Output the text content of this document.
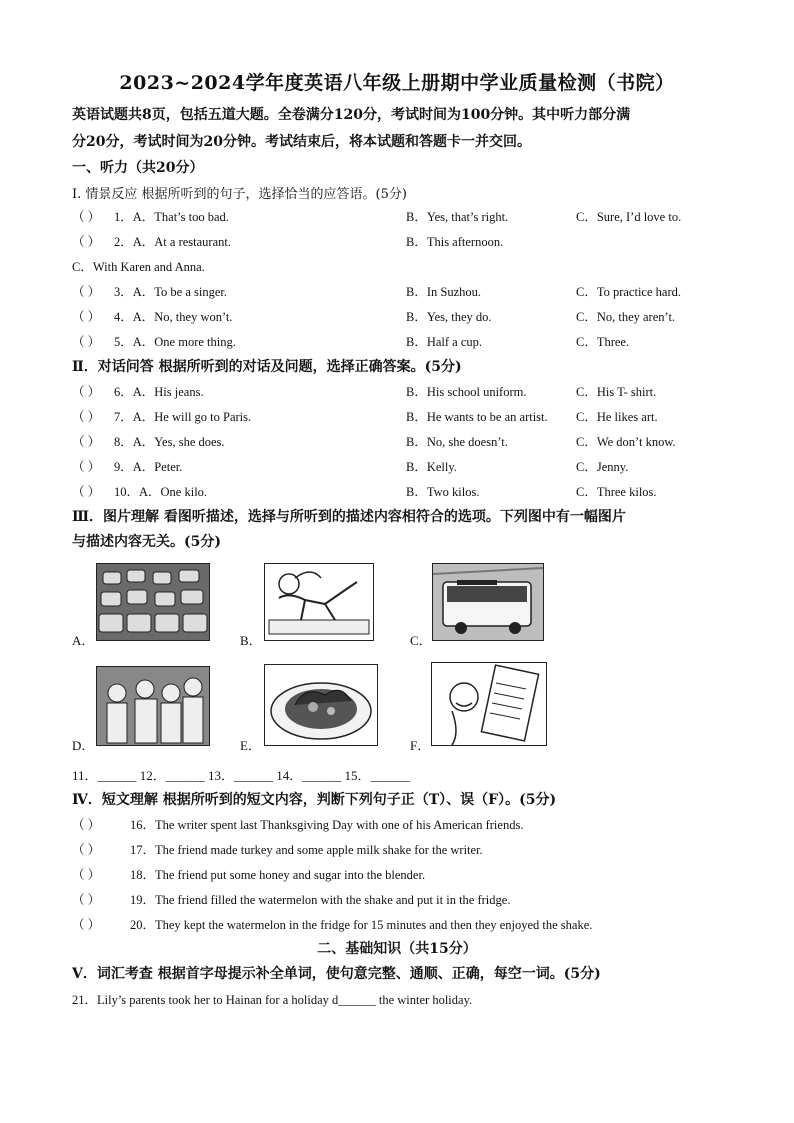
2023~2024学年度英语八年级上册期中学业质量检测（书院）
英语试题共8页，包括五道大题。全卷满分120分，考试时间为100分钟。其中听力部分满
分20分，考试时间为20分钟。考试结束后，将本试题和答题卡一并交回。
一、听力（共20分）
Ⅰ. 情景反应 根据所听到的句子，选择恰当的应答语。(5分)
（ ） 1．A．That’s too bad.	B．Yes, that’s right.	C．Sure, I’d love to.
（ ） 2．A．At a restaurant.	B．This afternoon.
C．With Karen and Anna.
（ ） 3．A．To be a singer.	B．In Suzhou.	C．To practice hard.
（ ） 4．A．No, they won’t.	B．Yes, they do.	C．No, they aren’t.
（ ） 5．A．One more thing.	B．Half a cup.	C．Three.
Ⅱ．对话问答 根据所听到的对话及问题，选择正确答案。(5分)
（ ） 6．A．His jeans.	B．His school uniform.	C．His T- shirt.
（ ） 7．A．He will go to Paris.	B．He wants to be an artist. C．He likes art.
（ ） 8．A．Yes, she does.	B．No, she doesn’t.	C．We don’t know.
（ ） 9．A．Peter.	B．Kelly.	C．Jenny.
（ ） 10．A．One kilo.	B．Two kilos.	C．Three kilos.
Ⅲ．图片理解 看图听描述，选择与所听到的描述内容相符合的选项。下列图中有一幅图片
与描述内容无关。(5分)
A．	B．	C．
D．	E．	F．
11．______ 12．______ 13．______ 14．______ 15．______
Ⅳ．短文理解 根据所听到的短文内容，判断下列句子正（T）、误（F）。(5分)
（ ） 16．The writer spent last Thanksgiving Day with one of his American friends.
（ ） 17．The friend made turkey and some apple milk shake for the writer.
（ ） 18．The friend put some honey and sugar into the blender.
（ ） 19．The friend filled the watermelon with the shake and put it in the fridge.
（ ） 20．They kept the watermelon in the fridge for 15 minutes and then they enjoyed the shake.
二、基础知识（共15分）
Ⅴ．词汇考查 根据首字母提示补全单词，使句意完整、通顺、正确，每空一词。(5分)
21．Lily’s parents took her to Hainan for a holiday d______ the winter holiday.
